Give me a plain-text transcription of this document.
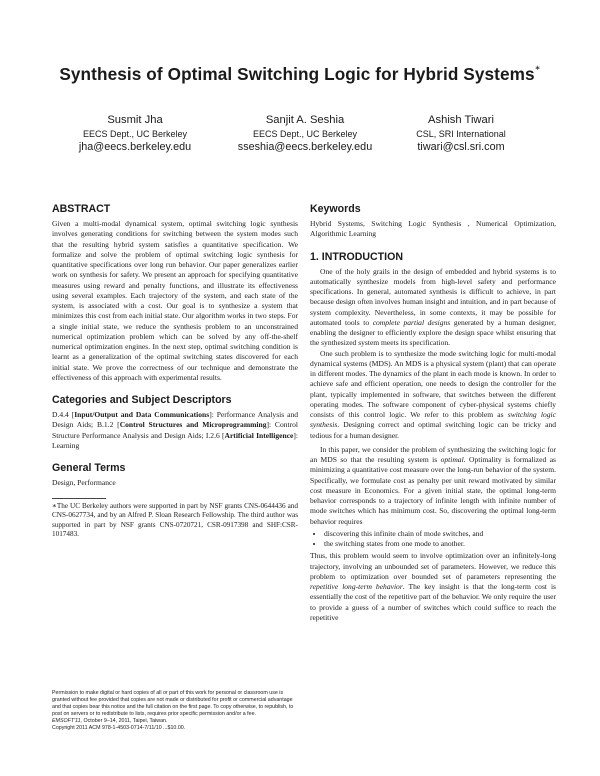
Synthesis of Optimal Switching Logic for Hybrid Systems∗
Susmit Jha
EECS Dept., UC Berkeley
jha@eecs.berkeley.edu
Sanjit A. Seshia
EECS Dept., UC Berkeley
sseshia@eecs.berkeley.edu
Ashish Tiwari
CSL, SRI International
tiwari@csl.sri.com
ABSTRACT

Given a multi-modal dynamical system, optimal switching logic synthesis involves generating conditions for switching between the system modes such that the resulting hybrid system satisfies a quantitative specification. We formalize and solve the problem of optimal switching logic synthesis for quantitative specifications over long run behavior. Our paper generalizes earlier work on synthesis for safety. We present an approach for specifying quantitative measures using reward and penalty functions, and illustrate its effectiveness using several examples. Each trajectory of the system, and each state of the system, is associated with a cost. Our goal is to synthesize a system that minimizes this cost from each initial state. Our algorithm works in two steps. For a single initial state, we reduce the synthesis problem to an unconstrained numerical optimization problem which can be solved by any off-the-shelf numerical optimization engines. In the next step, optimal switching condition is learnt as a generalization of the optimal switching states discovered for each initial state. We prove the correctness of our technique and demonstrate the effectiveness of this approach with experimental results.

Categories and Subject Descriptors

D.4.4 [Input/Output and Data Communications]: Performance Analysis and Design Aids; B.1.2 [Control Structures and Microprogramming]: Control Structure Performance Analysis and Design Aids; I.2.6 [Artificial Intelligence]: Learning

General Terms

Design, Performance

∗The UC Berkeley authors were supported in part by NSF grants CNS-0644436 and CNS-0627734, and by an Alfred P. Sloan Research Fellowship. The third author was supported in part by NSF grants CNS-0720721, CSR-0917398 and SHF:CSR-1017483.

Permission to make digital or hard copies of all or part of this work for personal or classroom use is granted without fee provided that copies are not made or distributed for profit or commercial advantage and that copies bear this notice and the full citation on the first page. To copy otherwise, to republish, to post on servers or to redistribute to lists, requires prior specific permission and/or a fee.

EMSOFT'11, October 9–14, 2011, Taipei, Taiwan.

Copyright 2011 ACM 978-1-4503-0714-7/11/10 ...$10.00.

Keywords

Hybrid Systems, Switching Logic Synthesis , Numerical Optimization, Algorithmic Learning

1. INTRODUCTION

One of the holy grails in the design of embedded and hybrid systems is to automatically synthesize models from high-level safety and performance specifications. In general, automated synthesis is difficult to achieve, in part because design often involves human insight and intuition, and in part because of system complexity. Nevertheless, in some contexts, it may be possible for automated tools to complete partial designs generated by a human designer, enabling the designer to efficiently explore the design space whilst ensuring that the synthesized system meets its specification.

One such problem is to synthesize the mode switching logic for multi-modal dynamical systems (MDS). An MDS is a physical system (plant) that can operate in different modes. The dynamics of the plant in each mode is known. In order to achieve safe and efficient operation, one needs to design the controller for the plant, typically implemented in software, that switches between the different operating modes. The software component of cyber-physical systems chiefly consists of this control logic. We refer to this problem as switching logic synthesis. Designing correct and optimal switching logic can be tricky and tedious for a human designer.

In this paper, we consider the problem of synthesizing the switching logic for an MDS so that the resulting system is optimal. Optimality is formalized as minimizing a quantitative cost measure over the long-run behavior of the system. Specifically, we formulate cost as penalty per unit reward motivated by similar cost measure in Economics. For a given initial state, the optimal long-term behavior corresponds to a trajectory of infinite length with infinite number of mode switches which has minimum cost. So, discovering the optimal long-term behavior requires

• discovering this infinite chain of mode switches, and
• the switching states from one mode to another.

Thus, this problem would seem to involve optimization over an infinitely-long trajectory, involving an unbounded set of parameters. However, we reduce this problem to optimization over bounded set of parameters representing the repetitive long-term behavior. The key insight is that the long-term cost is essentially the cost of the repetitive part of the behavior. We only require the user to provide a guess of a number of switches which could suffice to reach the repetitive
